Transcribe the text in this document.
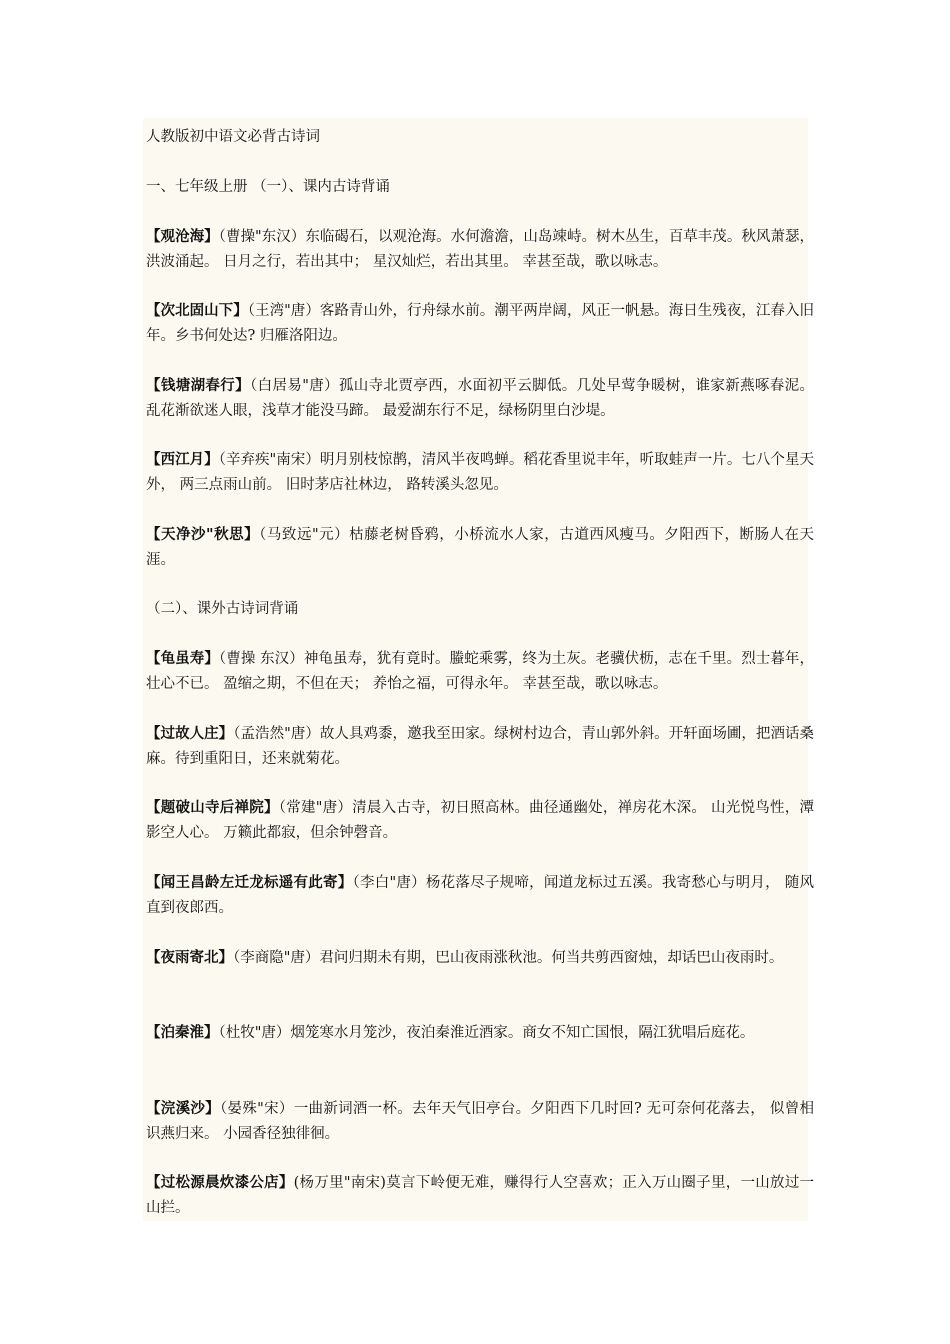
人教版初中语文必背古诗词
一、七年级上册 （一）、课内古诗背诵
【观沧海】（曹操"东汉）东临碣石，以观沧海。水何澹澹，山岛竦峙。树木丛生，百草丰茂。秋风萧瑟，洪波涌起。 日月之行，若出其中； 星汉灿烂，若出其里。 幸甚至哉，歌以咏志。
【次北固山下】（王湾"唐）客路青山外，行舟绿水前。潮平两岸阔，风正一帆悬。海日生残夜，江春入旧年。乡书何处达? 归雁洛阳边。
【钱塘湖春行】（白居易"唐）孤山寺北贾亭西，水面初平云脚低。几处早莺争暖树，谁家新燕啄春泥。 乱花渐欲迷人眼，浅草才能没马蹄。 最爱湖东行不足，绿杨阴里白沙堤。
【西江月】（辛弃疾"南宋）明月别枝惊鹊，清风半夜鸣蝉。稻花香里说丰年，听取蛙声一片。七八个星天外， 两三点雨山前。 旧时茅店社林边， 路转溪头忽见。
【天净沙"秋思】（马致远"元）枯藤老树昏鸦，小桥流水人家，古道西风瘦马。夕阳西下，断肠人在天涯。
（二）、课外古诗词背诵
【龟虽寿】（曹操 东汉）神龟虽寿，犹有竟时。螣蛇乘雾，终为土灰。老骥伏枥，志在千里。烈士暮年，壮心不已。 盈缩之期，不但在天； 养怡之福，可得永年。 幸甚至哉，歌以咏志。
【过故人庄】（孟浩然"唐）故人具鸡黍，邀我至田家。绿树村边合，青山郭外斜。开轩面场圃，把酒话桑麻。待到重阳日，还来就菊花。
【题破山寺后禅院】（常建"唐）清晨入古寺，初日照高林。曲径通幽处，禅房花木深。 山光悦鸟性，潭影空人心。 万籁此都寂，但余钟磬音。
【闻王昌龄左迁龙标遥有此寄】（李白"唐）杨花落尽子规啼，闻道龙标过五溪。我寄愁心与明月， 随风直到夜郎西。
【夜雨寄北】（李商隐"唐）君问归期未有期，巴山夜雨涨秋池。何当共剪西窗烛，却话巴山夜雨时。
【泊秦淮】（杜牧"唐）烟笼寒水月笼沙，夜泊秦淮近酒家。商女不知亡国恨，隔江犹唱后庭花。
【浣溪沙】（晏殊"宋）一曲新词酒一杯。去年天气旧亭台。夕阳西下几时回? 无可奈何花落去， 似曾相识燕归来。 小园香径独徘徊。
【过松源晨炊漆公店】(杨万里"南宋)莫言下岭便无难，赚得行人空喜欢；正入万山圈子里，一山放过一山拦。
